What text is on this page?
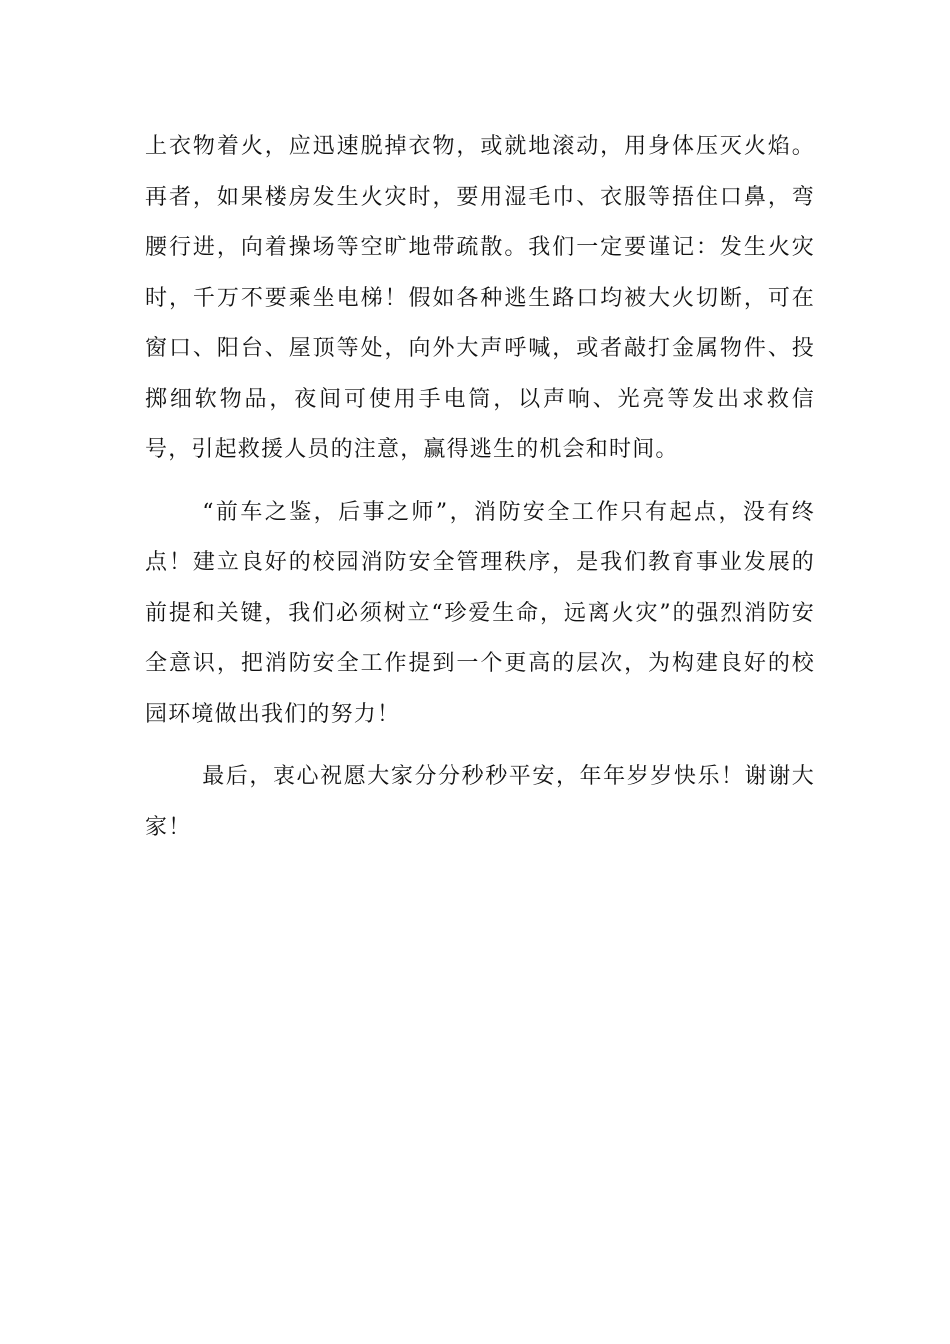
上衣物着火，应迅速脱掉衣物，或就地滚动，用身体压灭火焰。再者，如果楼房发生火灾时，要用湿毛巾、衣服等捂住口鼻，弯腰行进，向着操场等空旷地带疏散。我们一定要谨记：发生火灾时，千万不要乘坐电梯！假如各种逃生路口均被大火切断，可在窗口、阳台、屋顶等处，向外大声呼喊，或者敲打金属物件、投掷细软物品，夜间可使用手电筒，以声响、光亮等发出求救信号，引起救援人员的注意，赢得逃生的机会和时间。

“前车之鉴，后事之师”，消防安全工作只有起点，没有终点！建立良好的校园消防安全管理秩序，是我们教育事业发展的前提和关键，我们必须树立“珍爱生命，远离火灾”的强烈消防安全意识，把消防安全工作提到一个更高的层次，为构建良好的校园环境做出我们的努力！

最后，衷心祝愿大家分分秒秒平安，年年岁岁快乐！谢谢大家！
